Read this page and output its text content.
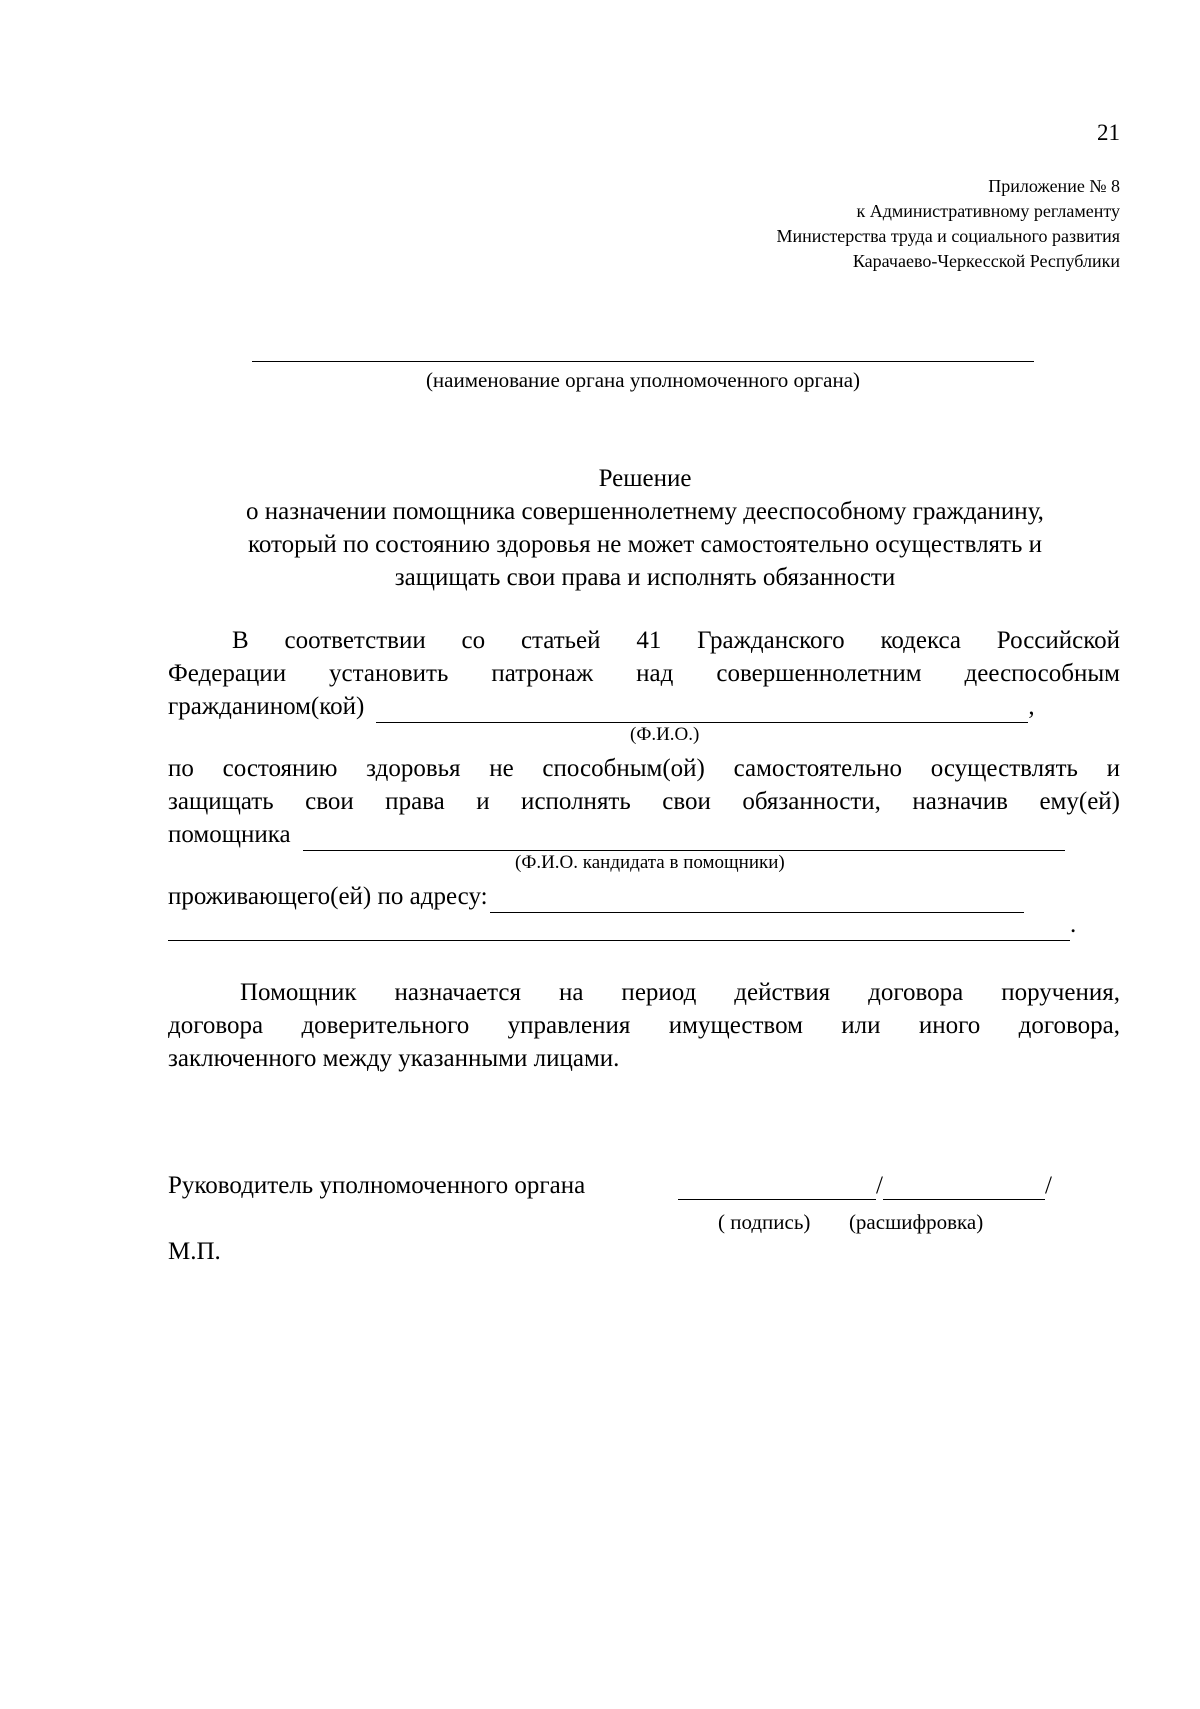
21
Приложение № 8
к Административному регламенту
Министерства труда и социального развития
Карачаево-Черкесской Республики
(наименование органа уполномоченного органа)
Решение
о назначении помощника совершеннолетнему дееспособному гражданину,
который по состоянию здоровья не может самостоятельно осуществлять и
защищать свои права и исполнять обязанности
В соответствии со статьей 41 Гражданского кодекса Российской
Федерации установить патронаж над совершеннолетним дееспособным
гражданином(кой)	,
(Ф.И.О.)
по состоянию здоровья не способным(ой) самостоятельно осуществлять и
защищать свои права и исполнять свои обязанности, назначив ему(ей)
помощника
(Ф.И.О. кандидата в помощники)
проживающего(ей) по адресу:
.
Помощник назначается на период действия договора поручения,
договора доверительного управления имуществом или иного договора,
заключенного между указанными лицами.
Руководитель уполномоченного органа	/	/
( подпись) (расшифровка)
М.П.
